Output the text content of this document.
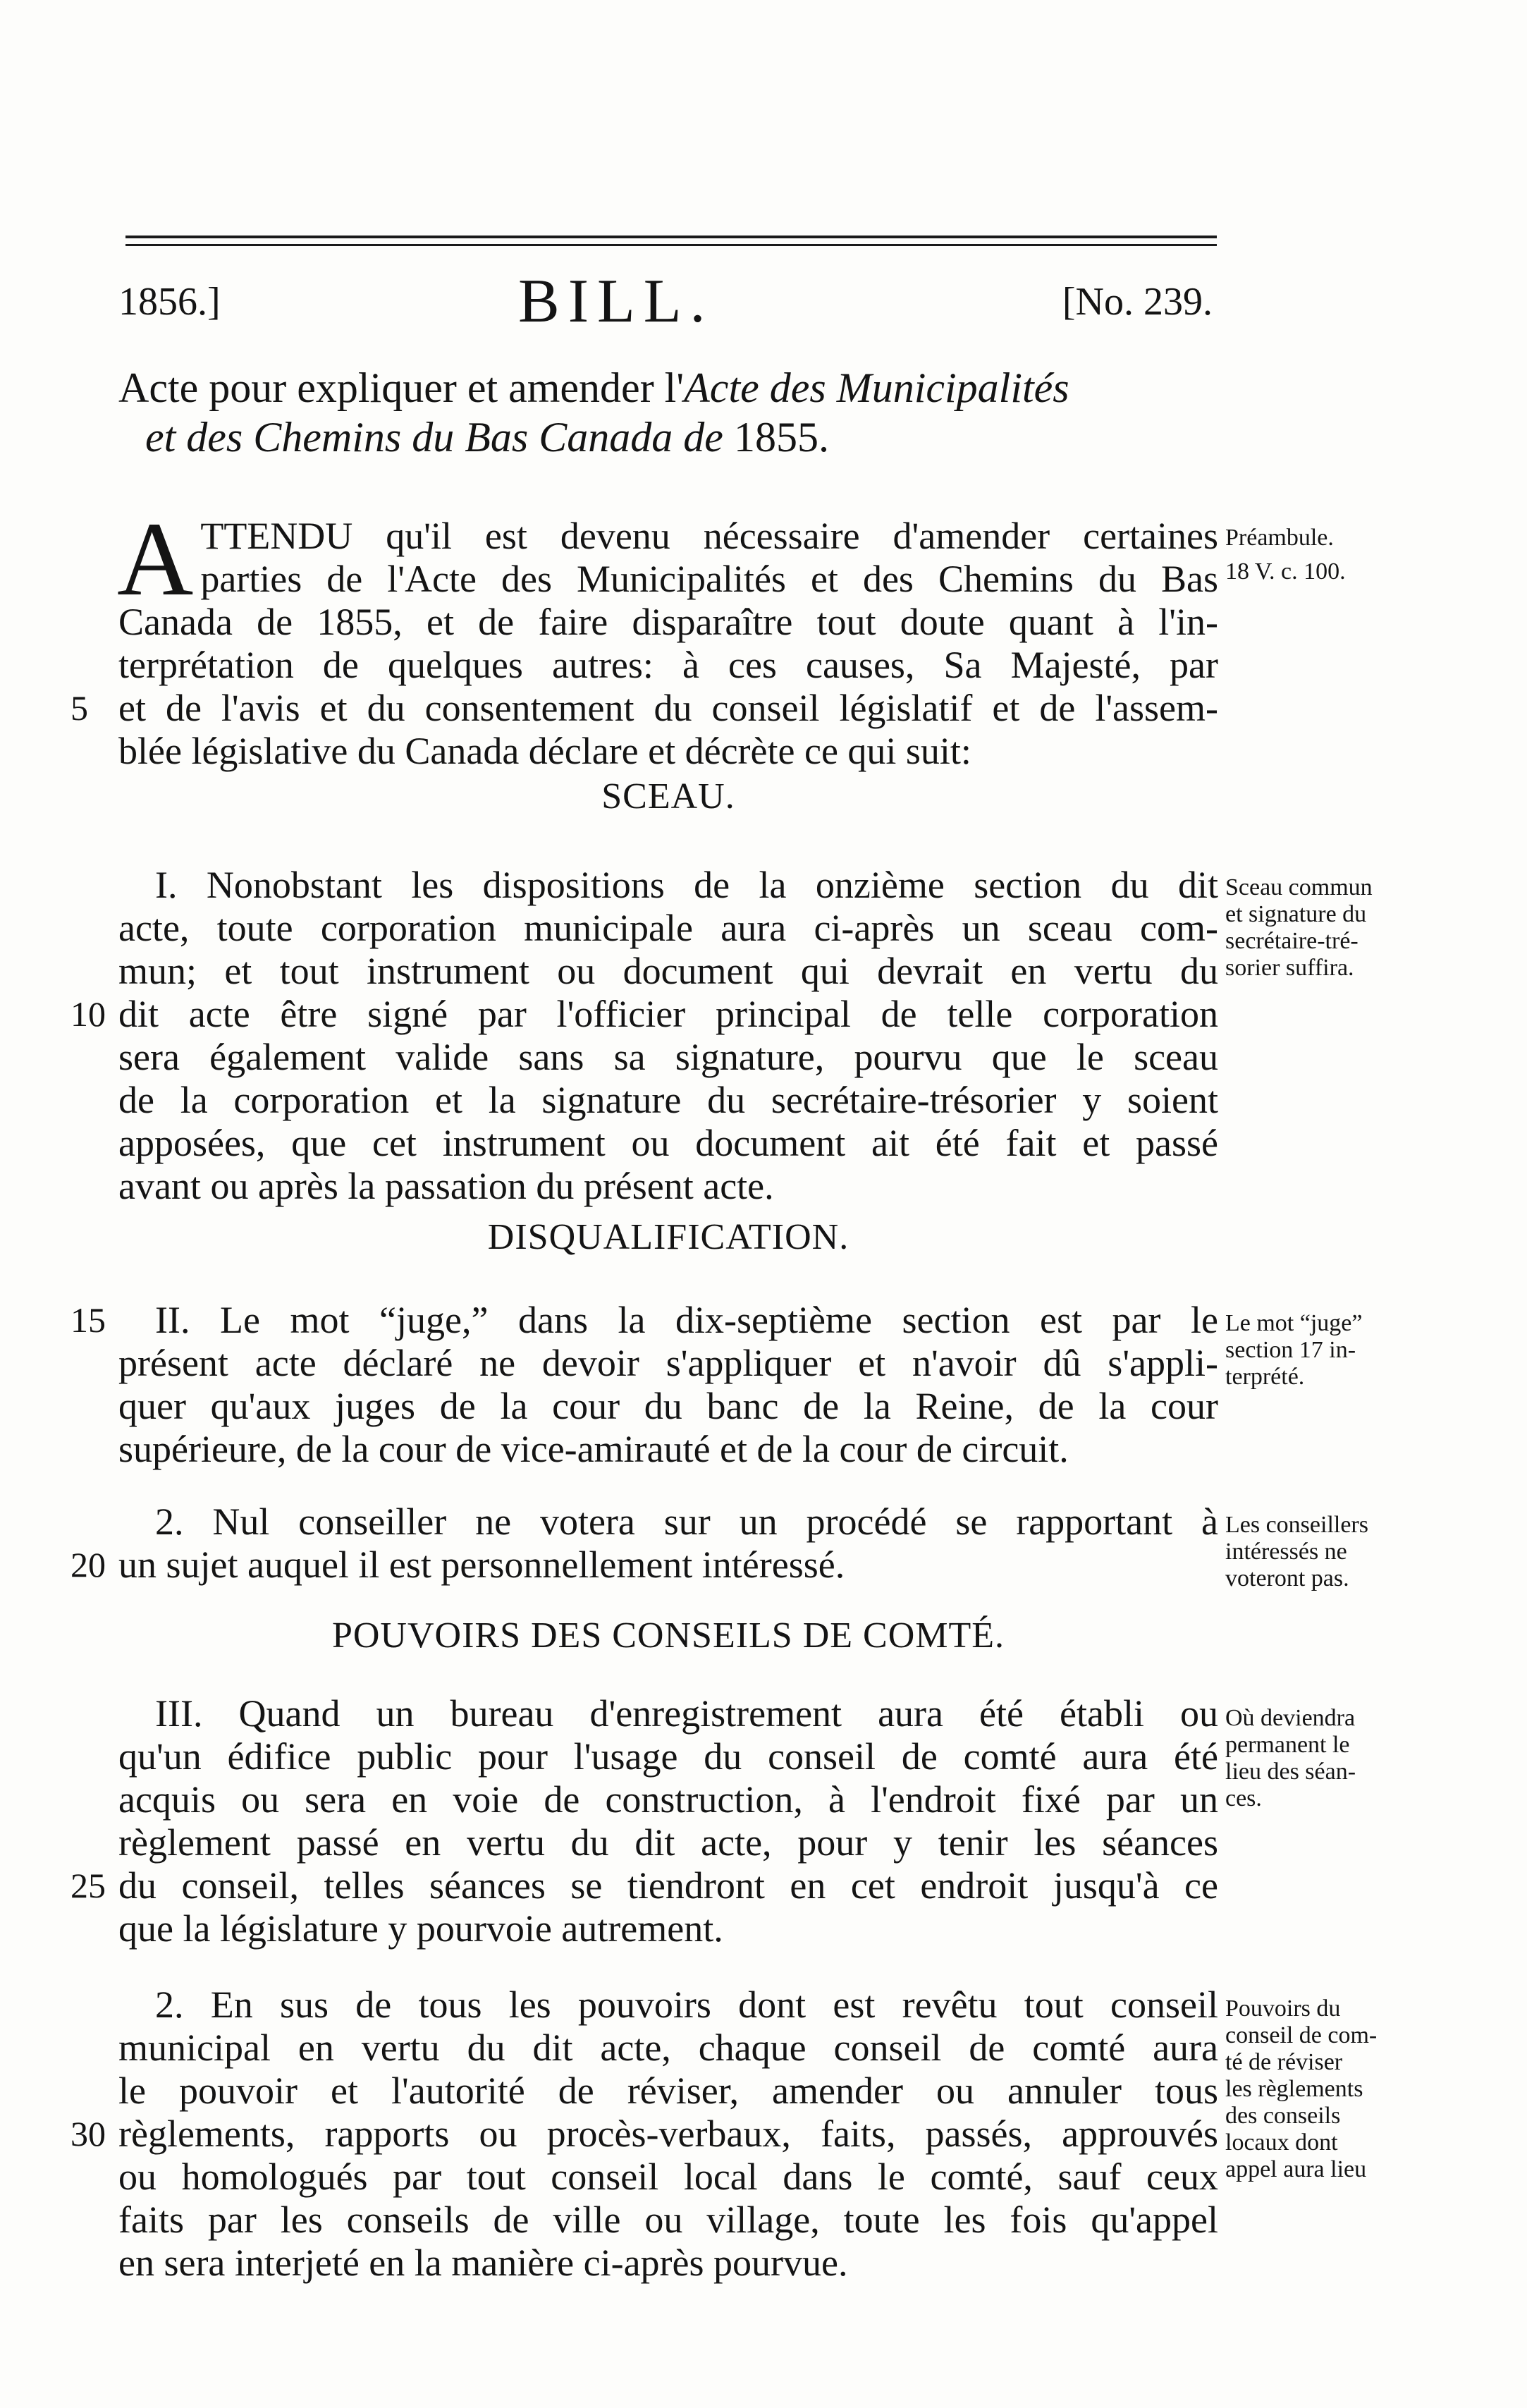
1856.]	BILL.	[No. 239.
Acte pour expliquer et amender l'Acte des Municipalités
et des Chemins du Bas Canada de 1855.
A TTENDU qu'il est devenu nécessaire d'amender certaines
parties de l'Acte des Municipalités et des Chemins du Bas
Canada de 1855, et de faire disparaître tout doute quant à l'in-
terprétation de quelques autres: à ces causes, Sa Majesté, par
et de l'avis et du consentement du conseil législatif et de l'assem-
blée législative du Canada déclare et décrète ce qui suit:
SCEAU.
I. Nonobstant les dispositions de la onzième section du dit
acte, toute corporation municipale aura ci-après un sceau com-
mun; et tout instrument ou document qui devrait en vertu du
dit acte être signé par l'officier principal de telle corporation
sera également valide sans sa signature, pourvu que le sceau
de la corporation et la signature du secrétaire-trésorier y soient
apposées, que cet instrument ou document ait été fait et passé
avant ou après la passation du présent acte.
DISQUALIFICATION.
II. Le mot “juge,” dans la dix-septième section est par le
présent acte déclaré ne devoir s'appliquer et n'avoir dû s'appli-
quer qu'aux juges de la cour du banc de la Reine, de la cour
supérieure, de la cour de vice-amirauté et de la cour de circuit.
2. Nul conseiller ne votera sur un procédé se rapportant à
un sujet auquel il est personnellement intéressé.
POUVOIRS DES CONSEILS DE COMTÉ.
III. Quand un bureau d'enregistrement aura été établi ou
qu'un édifice public pour l'usage du conseil de comté aura été
acquis ou sera en voie de construction, à l'endroit fixé par un
règlement passé en vertu du dit acte, pour y tenir les séances
du conseil, telles séances se tiendront en cet endroit jusqu'à ce
que la législature y pourvoie autrement.
2. En sus de tous les pouvoirs dont est revêtu tout conseil
municipal en vertu du dit acte, chaque conseil de comté aura
le pouvoir et l'autorité de réviser, amender ou annuler tous
règlements, rapports ou procès-verbaux, faits, passés, approuvés
ou homologués par tout conseil local dans le comté, sauf ceux
faits par les conseils de ville ou village, toute les fois qu'appel
en sera interjeté en la manière ci-après pourvue.
5
10
15
20
25
30
Préambule.
18 V. c. 100.
Sceau commun
et signature du
secrétaire-tré-
sorier suffira.
Le mot “juge”
section 17 in-
terprété.
Les conseillers
intéressés ne
voteront pas.
Où deviendra
permanent le
lieu des séan-
ces.
Pouvoirs du
conseil de com-
té de réviser
les règlements
des conseils
locaux dont
appel aura lieu
